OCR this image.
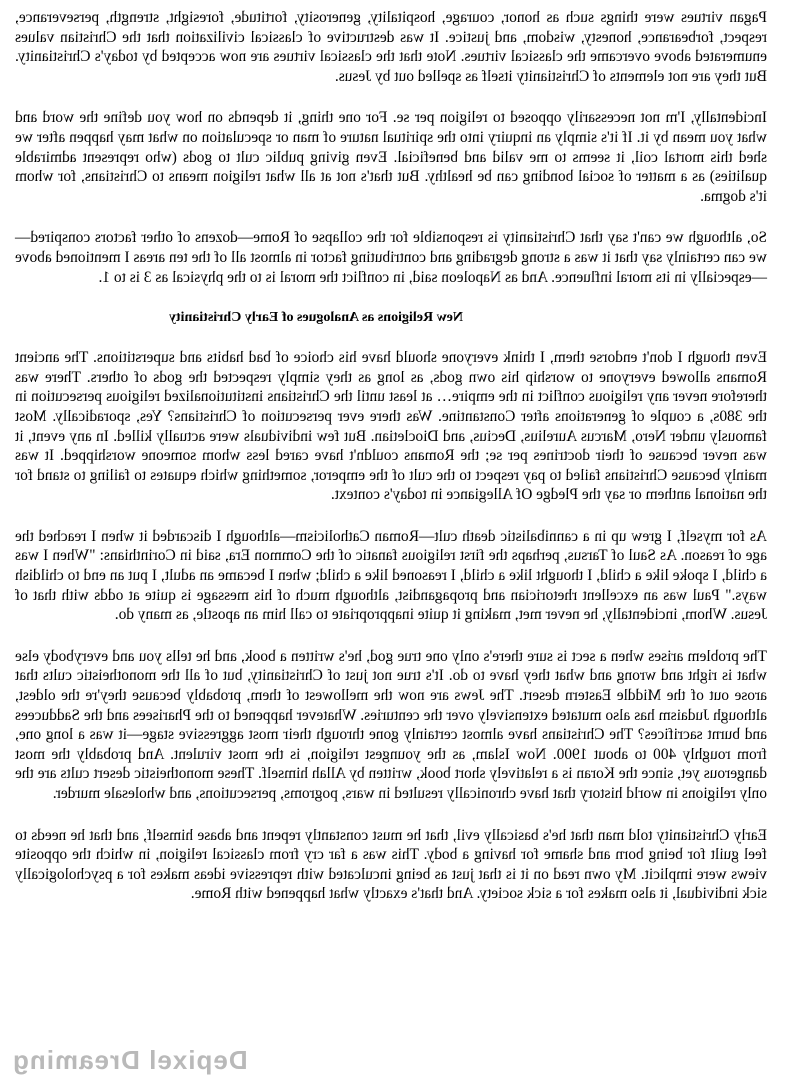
Pagan virtues were things such as honor, courage, hospitality, generosity, fortitude, foresight, strength, perseverance, respect, forbearance, honesty, wisdom, and justice. It was destructive of classical civilization that the Christian values enumerated above overcame the classical virtues. Note that the classical virtues are now accepted by today's Christianity. But they are not elements of Christianity itself as spelled out by Jesus.

Incidentally, I'm not necessarily opposed to religion per se. For one thing, it depends on how you define the word and what you mean by it. If it's simply an inquiry into the spiritual nature of man or speculation on what may happen after we shed this mortal coil, it seems to me valid and beneficial. Even giving public cult to gods (who represent admirable qualities) as a matter of social bonding can be healthy. But that's not at all what religion means to Christians, for whom it's dogma.

So, although we can't say that Christianity is responsible for the collapse of Rome—dozens of other factors conspired—we can certainly say that it was a strong degrading and contributing factor in almost all of the ten areas I mentioned above—especially in its moral influence. And as Napoleon said, in conflict the moral is to the physical as 3 is to 1.

New Religions as Analogues of Early Christianity

Even though I don't endorse them, I think everyone should have his choice of bad habits and superstitions. The ancient Romans allowed everyone to worship his own gods, as long as they simply respected the gods of others. There was therefore never any religious conflict in the empire… at least until the Christians institutionalized religious persecution in the 380s, a couple of generations after Constantine. Was there ever persecution of Christians? Yes, sporadically. Most famously under Nero, Marcus Aurelius, Decius, and Diocletian. But few individuals were actually killed. In any event, it was never because of their doctrines per se; the Romans couldn't have cared less whom someone worshipped. It was mainly because Christians failed to pay respect to the cult of the emperor, something which equates to failing to stand for the national anthem or say the Pledge Of Allegiance in today's context.

As for myself, I grew up in a cannibalistic death cult—Roman Catholicism—although I discarded it when I reached the age of reason. As Saul of Tarsus, perhaps the first religious fanatic of the Common Era, said in Corinthians: "When I was a child, I spoke like a child, I thought like a child, I reasoned like a child; when I became an adult, I put an end to childish ways." Paul was an excellent rhetorician and propagandist, although much of his message is quite at odds with that of Jesus. Whom, incidentally, he never met, making it quite inappropriate to call him an apostle, as many do.

The problem arises when a sect is sure there's only one true god, he's written a book, and he tells you and everybody else what is right and wrong and what they have to do. It's true not just of Christianity, but of all the monotheistic cults that arose out of the Middle Eastern desert. The Jews are now the mellowest of them, probably because they're the oldest, although Judaism has also mutated extensively over the centuries. Whatever happened to the Pharisees and the Sadducees and burnt sacrifices? The Christians have almost certainly gone through their most aggressive stage—it was a long one, from roughly 400 to about 1900. Now Islam, as the youngest religion, is the most virulent. And probably the most dangerous yet, since the Koran is a relatively short book, written by Allah himself. These monotheistic desert cults are the only religions in world history that have chronically resulted in wars, pogroms, persecutions, and wholesale murder.

Early Christianity told man that he's basically evil, that he must constantly repent and abase himself, and that he needs to feel guilt for being born and shame for having a body. This was a far cry from classical religion, in which the opposite views were implicit. My own read on it is that just as being inculcated with repressive ideas makes for a psychologically sick individual, it also makes for a sick society. And that's exactly what happened with Rome.

Depixel Dreaming
